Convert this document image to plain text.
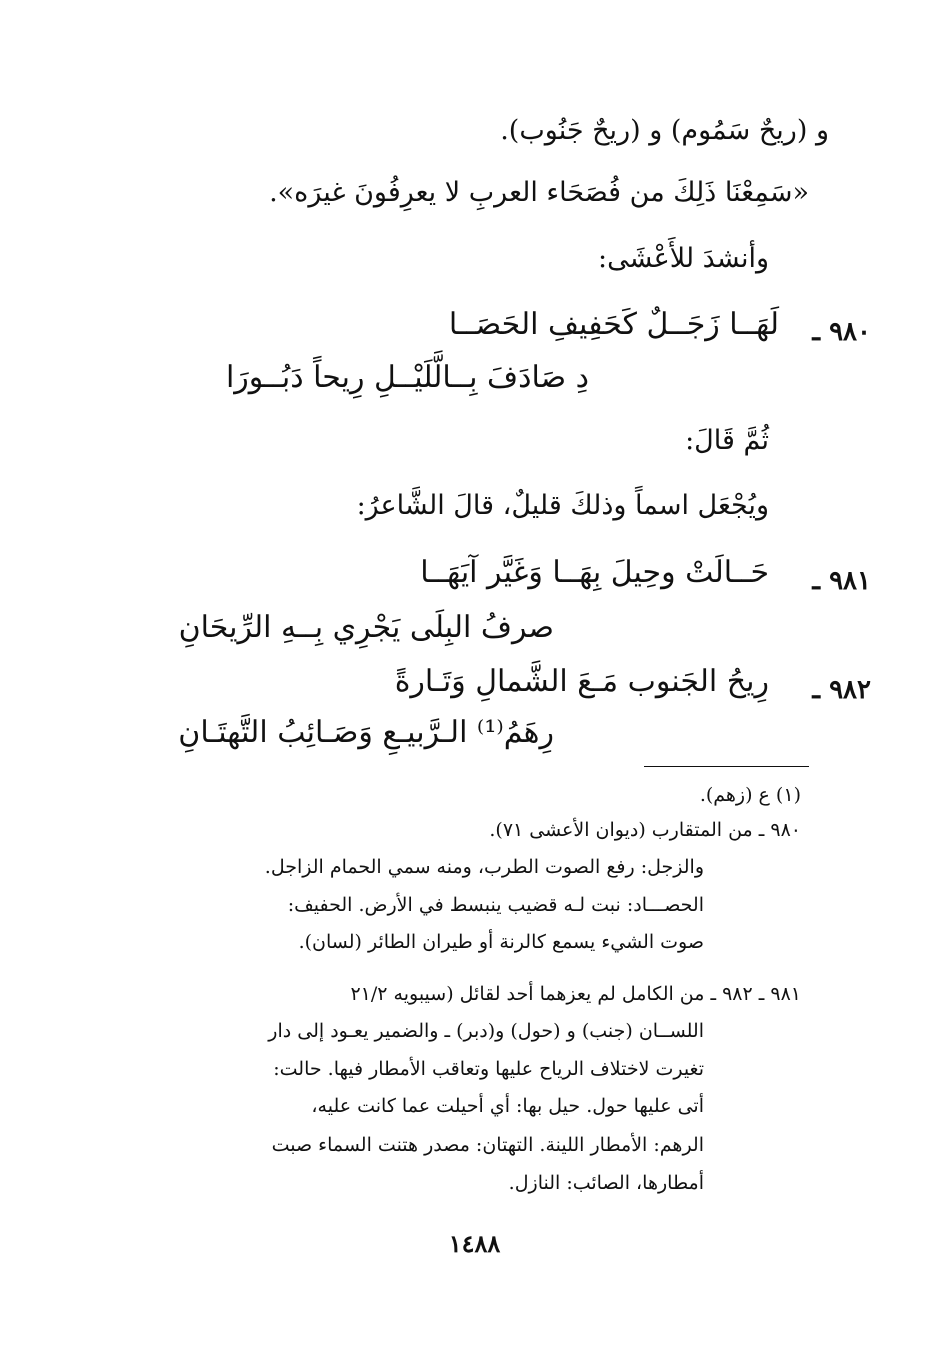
و (ريحٌ سَمُوم) و (ريحٌ جَنُوب).

«سَمِعْنَا ذَلِكَ من فُصَحَاء العربِ لا يعرِفُونَ غيرَه».

وأنشدَ للأَعْشَى:

٩٨٠ ـ

لَهَــا زَجَــلٌ كَحَفِيفِ الحَصَــا

دِ صَادَفَ بِــالَّلَيْــلِ رِيحاً دَبُــورَا

ثُمَّ قَالَ:

ويُجْعَل اسماً وذلكَ قليلٌ، قالَ الشَّاعرُ:

٩٨١ ـ

حَــالَتْ وحِيلَ بِهَــا وَغَيَّر آيَهَــا

صرفُ البِلَى يَجْرِي بِــهِ الرِّيحَانِ

٩٨٢ ـ

رِيحُ الجَنوب مَـعَ الشَّمالِ وَتَـارةً

رِهَمُ⁽¹⁾ الـرَّبيـعِ وَصَـائِبُ التَّهتَـانِ

(١) ع (زهم).

٩٨٠ ـ من المتقارب (ديوان الأعشى ٧١).

والزجل: رفع الصوت الطرب، ومنه سمي الحمام الزاجل.

الحصـــاد: نبت لـه قضيب ينبسط في الأرض. الحفيف:

صوت الشيء يسمع كالرنة أو طيران الطائر (لسان).

٩٨١ ـ ٩٨٢ ـ من الكامل لم يعزهما أحد لقائل (سيبويه ٢١/٢

اللســان (جنب) و (حول) و(دبر) ـ والضمير يعـود إلى دار

تغيرت لاختلاف الرياح عليها وتعاقب الأمطار فيها. حالت:

أتى عليها حول. حيل بها: أي أحيلت عما كانت عليه،

الرهم: الأمطار اللينة. التهتان: مصدر هتنت السماء صبت

أمطارها، الصائب: النازل.

١٤٨٨
